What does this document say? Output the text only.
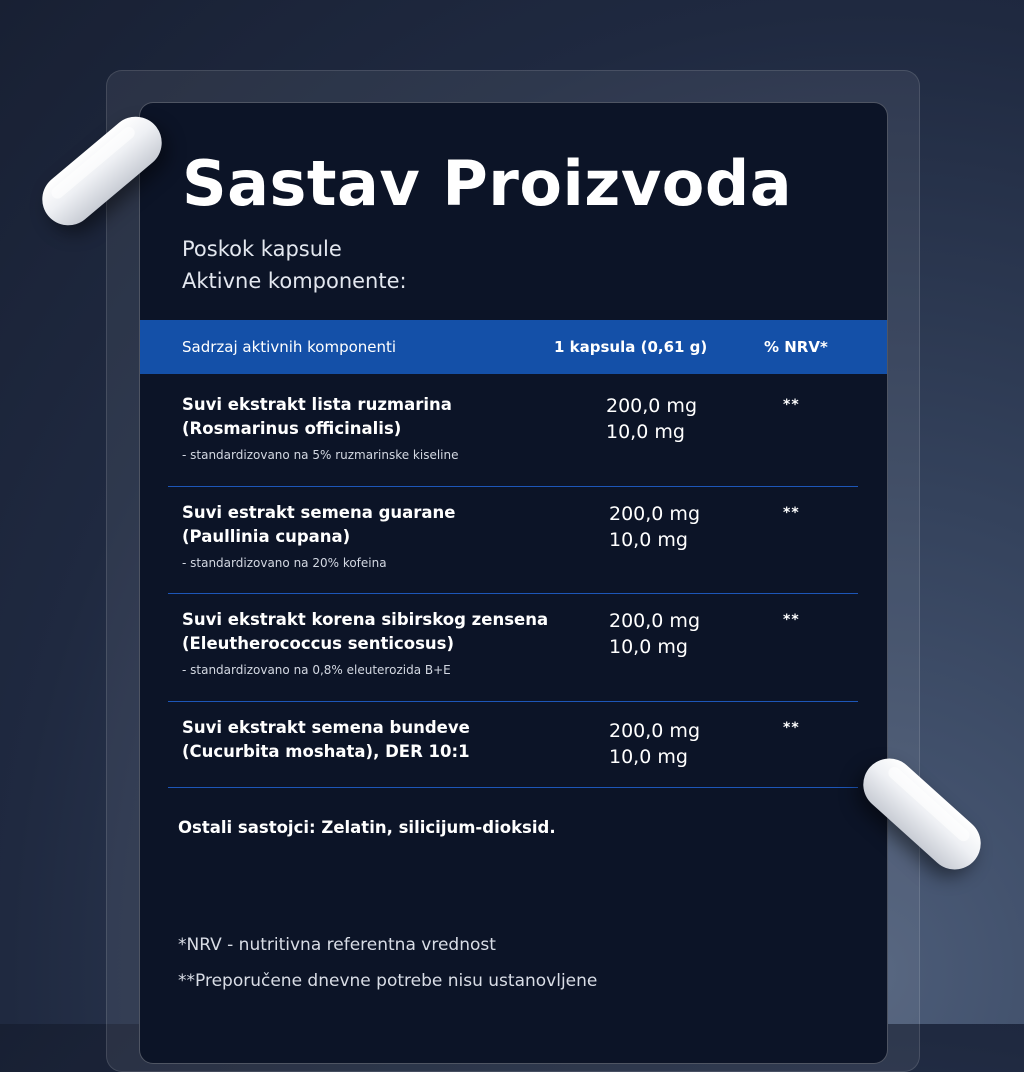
Sastav Proizvoda
Poskok kapsule
Aktivne komponente:
Sadrzaj aktivnih komponenti	1 kapsula (0,61 g)	% NRV*
Suvi ekstrakt lista ruzmarina
(Rosmarinus officinalis)
- standardizovano na 5% ruzmarinske kiseline
200,0 mg
10,0 mg
**
Suvi estrakt semena guarane
(Paullinia cupana)
- standardizovano na 20% kofeina
200,0 mg
10,0 mg
**
Suvi ekstrakt korena sibirskog zensena
(Eleutherococcus senticosus)
- standardizovano na 0,8% eleuterozida B+E
200,0 mg
10,0 mg
**
Suvi ekstrakt semena bundeve
(Cucurbita moshata), DER 10:1
200,0 mg
10,0 mg
**
Ostali sastojci: Zelatin, silicijum-dioksid.
*NRV - nutritivna referentna vrednost
**Preporučene dnevne potrebe nisu ustanovljene
